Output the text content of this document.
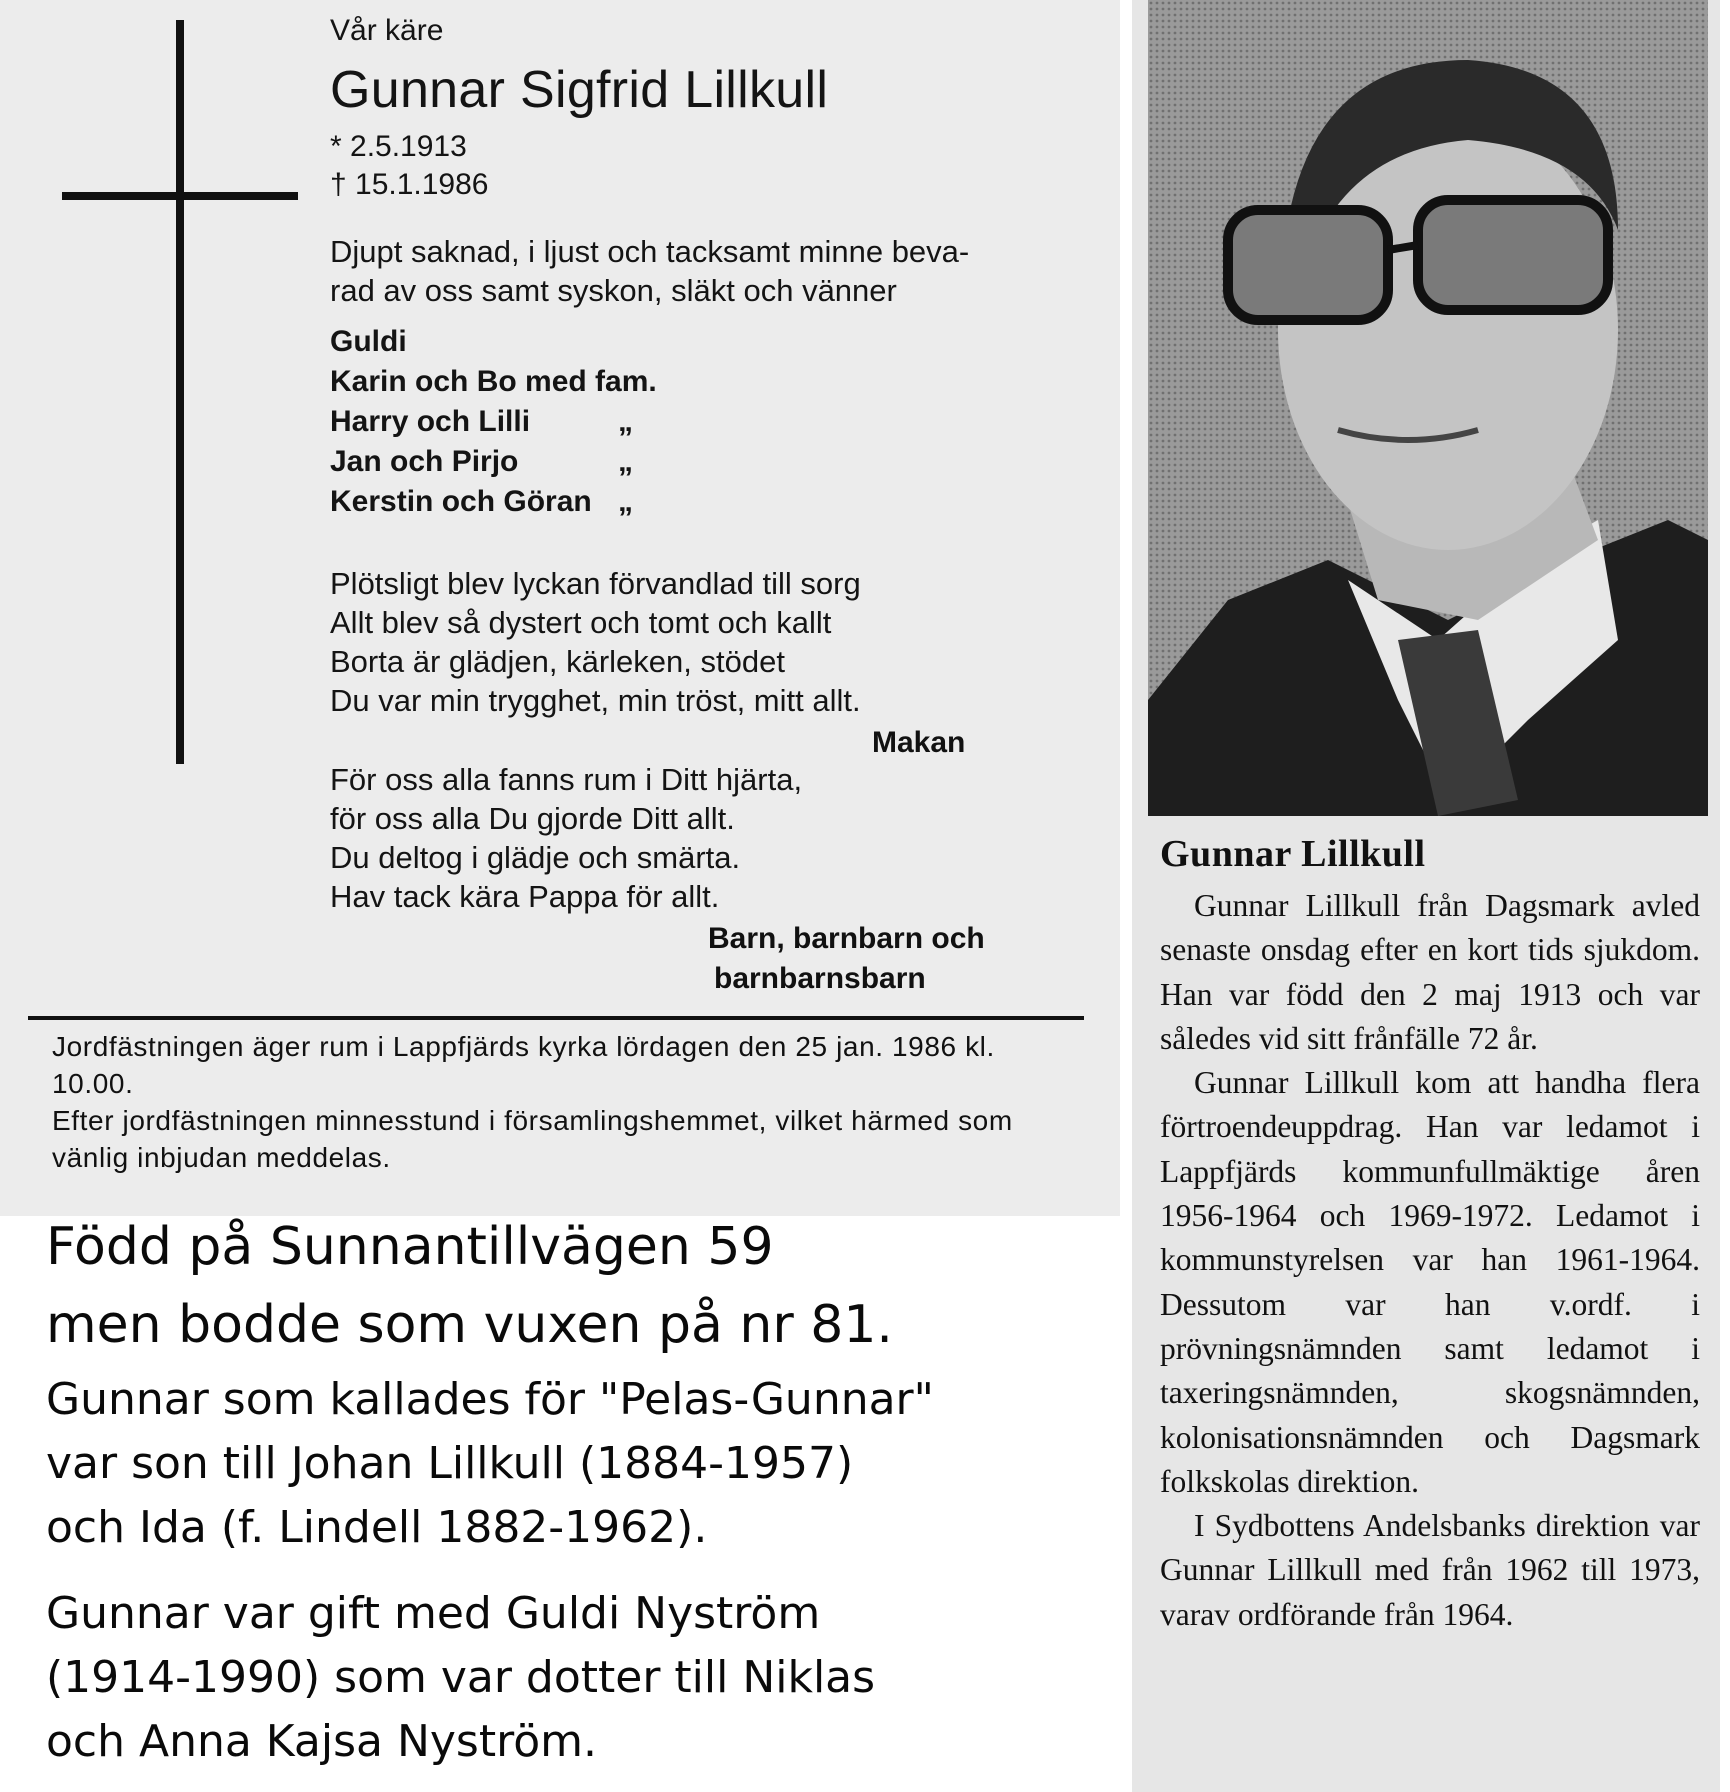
Vår käre
Gunnar Sigfrid Lillkull
* 2.5.1913
† 15.1.1986
Djupt saknad, i ljust och tacksamt minne beva-
rad av oss samt syskon, släkt och vänner
Guldi
Karin och Bo med fam.
Harry och Lilli	„
Jan och Pirjo	„
Kerstin och Göran „
Plötsligt blev lyckan förvandlad till sorg
Allt blev så dystert och tomt och kallt
Borta är glädjen, kärleken, stödet
Du var min trygghet, min tröst, mitt allt.
Makan
För oss alla fanns rum i Ditt hjärta,
för oss alla Du gjorde Ditt allt.
Du deltog i glädje och smärta.
Hav tack kära Pappa för allt.
Barn, barnbarn och
barnbarnsbarn

Jordfästningen äger rum i Lappfjärds kyrka lördagen den 25 jan. 1986 kl. 10.00.

Efter jordfästningen minnesstund i församlingshemmet, vilket härmed som vänlig inbjudan meddelas.

Född på Sunnantillvägen 59
men bodde som vuxen på nr 81.
Gunnar som kallades för "Pelas-Gunnar"
var son till Johan Lillkull (1884-1957)
och Ida (f. Lindell 1882-1962).
Gunnar var gift med Guldi Nyström
(1914-1990) som var dotter till Niklas
och Anna Kajsa Nyström.
Gunnar Lillkull

Gunnar Lillkull från Dagsmark avled senaste onsdag efter en kort tids sjukdom. Han var född den 2 maj 1913 och var således vid sitt frånfälle 72 år.

Gunnar Lillkull kom att handha flera förtroendeuppdrag. Han var ledamot i Lappfjärds kommunfullmäktige åren 1956-1964 och 1969-1972. Ledamot i kommunstyrelsen var han 1961-1964. Dessutom var han v.ordf. i prövningsnämnden samt ledamot i taxeringsnämnden, skogsnämnden, kolonisationsnämnden och Dagsmark folkskolas direktion.

I Sydbottens Andelsbanks direktion var Gunnar Lillkull med från 1962 till 1973, varav ordförande från 1964.
